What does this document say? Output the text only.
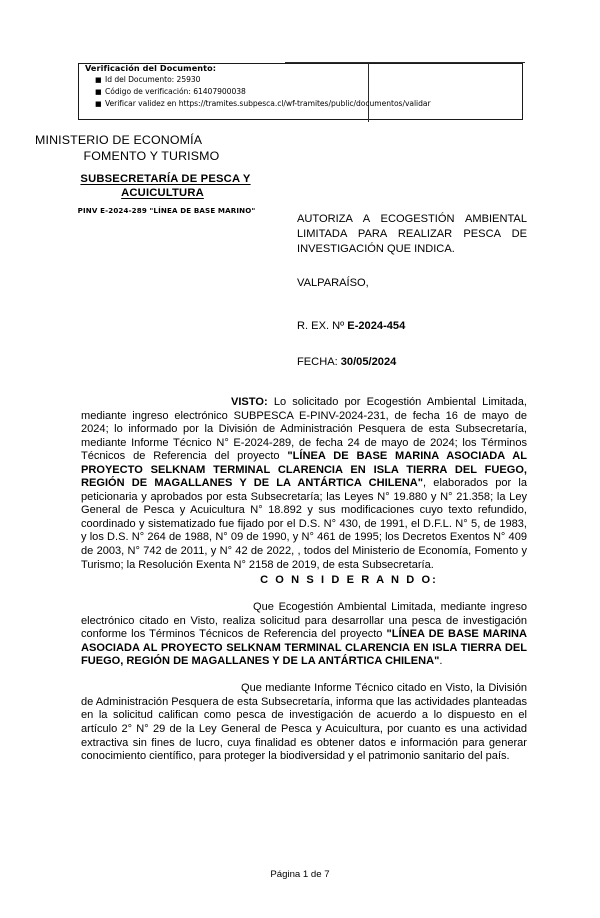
Verificación del Documento:
■ Id del Documento: 25930
■ Código de verificación: 61407900038
■ Verificar validez en https://tramites.subpesca.cl/wf-tramites/public/documentos/validar
MINISTERIO DE ECONOMÍA
FOMENTO Y TURISMO
SUBSECRETARÍA DE PESCA Y
ACUICULTURA
PINV E-2024-289 "LÍNEA DE BASE MARINO"
AUTORIZA A ECOGESTIÓN AMBIENTAL LIMITADA PARA REALIZAR PESCA DE INVESTIGACIÓN QUE INDICA.
VALPARAÍSO,
R. EX. Nº E-2024-454
FECHA: 30/05/2024

VISTO: Lo solicitado por Ecogestión Ambiental Limitada, mediante ingreso electrónico SUBPESCA E-PINV-2024-231, de fecha 16 de mayo de 2024; lo informado por la División de Administración Pesquera de esta Subsecretaría, mediante Informe Técnico N° E-2024-289, de fecha 24 de mayo de 2024; los Términos Técnicos de Referencia del proyecto "LÍNEA DE BASE MARINA ASOCIADA AL PROYECTO SELKNAM TERMINAL CLARENCIA EN ISLA TIERRA DEL FUEGO, REGIÓN DE MAGALLANES Y DE LA ANTÁRTICA CHILENA", elaborados por la peticionaria y aprobados por esta Subsecretaría; las Leyes N° 19.880 y N° 21.358; la Ley General de Pesca y Acuicultura N° 18.892 y sus modificaciones cuyo texto refundido, coordinado y sistematizado fue fijado por el D.S. N° 430, de 1991, el D.F.L. N° 5, de 1983, y los D.S. N° 264 de 1988, N° 09 de 1990, y N° 461 de 1995; los Decretos Exentos N° 409 de 2003, N° 742 de 2011, y N° 42 de 2022, , todos del Ministerio de Economía, Fomento y Turismo; la Resolución Exenta N° 2158 de 2019, de esta Subsecretaría.

C O N S I D E R A N D O:

Que Ecogestión Ambiental Limitada, mediante ingreso electrónico citado en Visto, realiza solicitud para desarrollar una pesca de investigación conforme los Términos Técnicos de Referencia del proyecto "LÍNEA DE BASE MARINA ASOCIADA AL PROYECTO SELKNAM TERMINAL CLARENCIA EN ISLA TIERRA DEL FUEGO, REGIÓN DE MAGALLANES Y DE LA ANTÁRTICA CHILENA".

Que mediante Informe Técnico citado en Visto, la División de Administración Pesquera de esta Subsecretaría, informa que las actividades planteadas en la solicitud califican como pesca de investigación de acuerdo a lo dispuesto en el artículo 2° N° 29 de la Ley General de Pesca y Acuicultura, por cuanto es una actividad extractiva sin fines de lucro, cuya finalidad es obtener datos e información para generar conocimiento científico, para proteger la biodiversidad y el patrimonio sanitario del país.

Página 1 de 7
